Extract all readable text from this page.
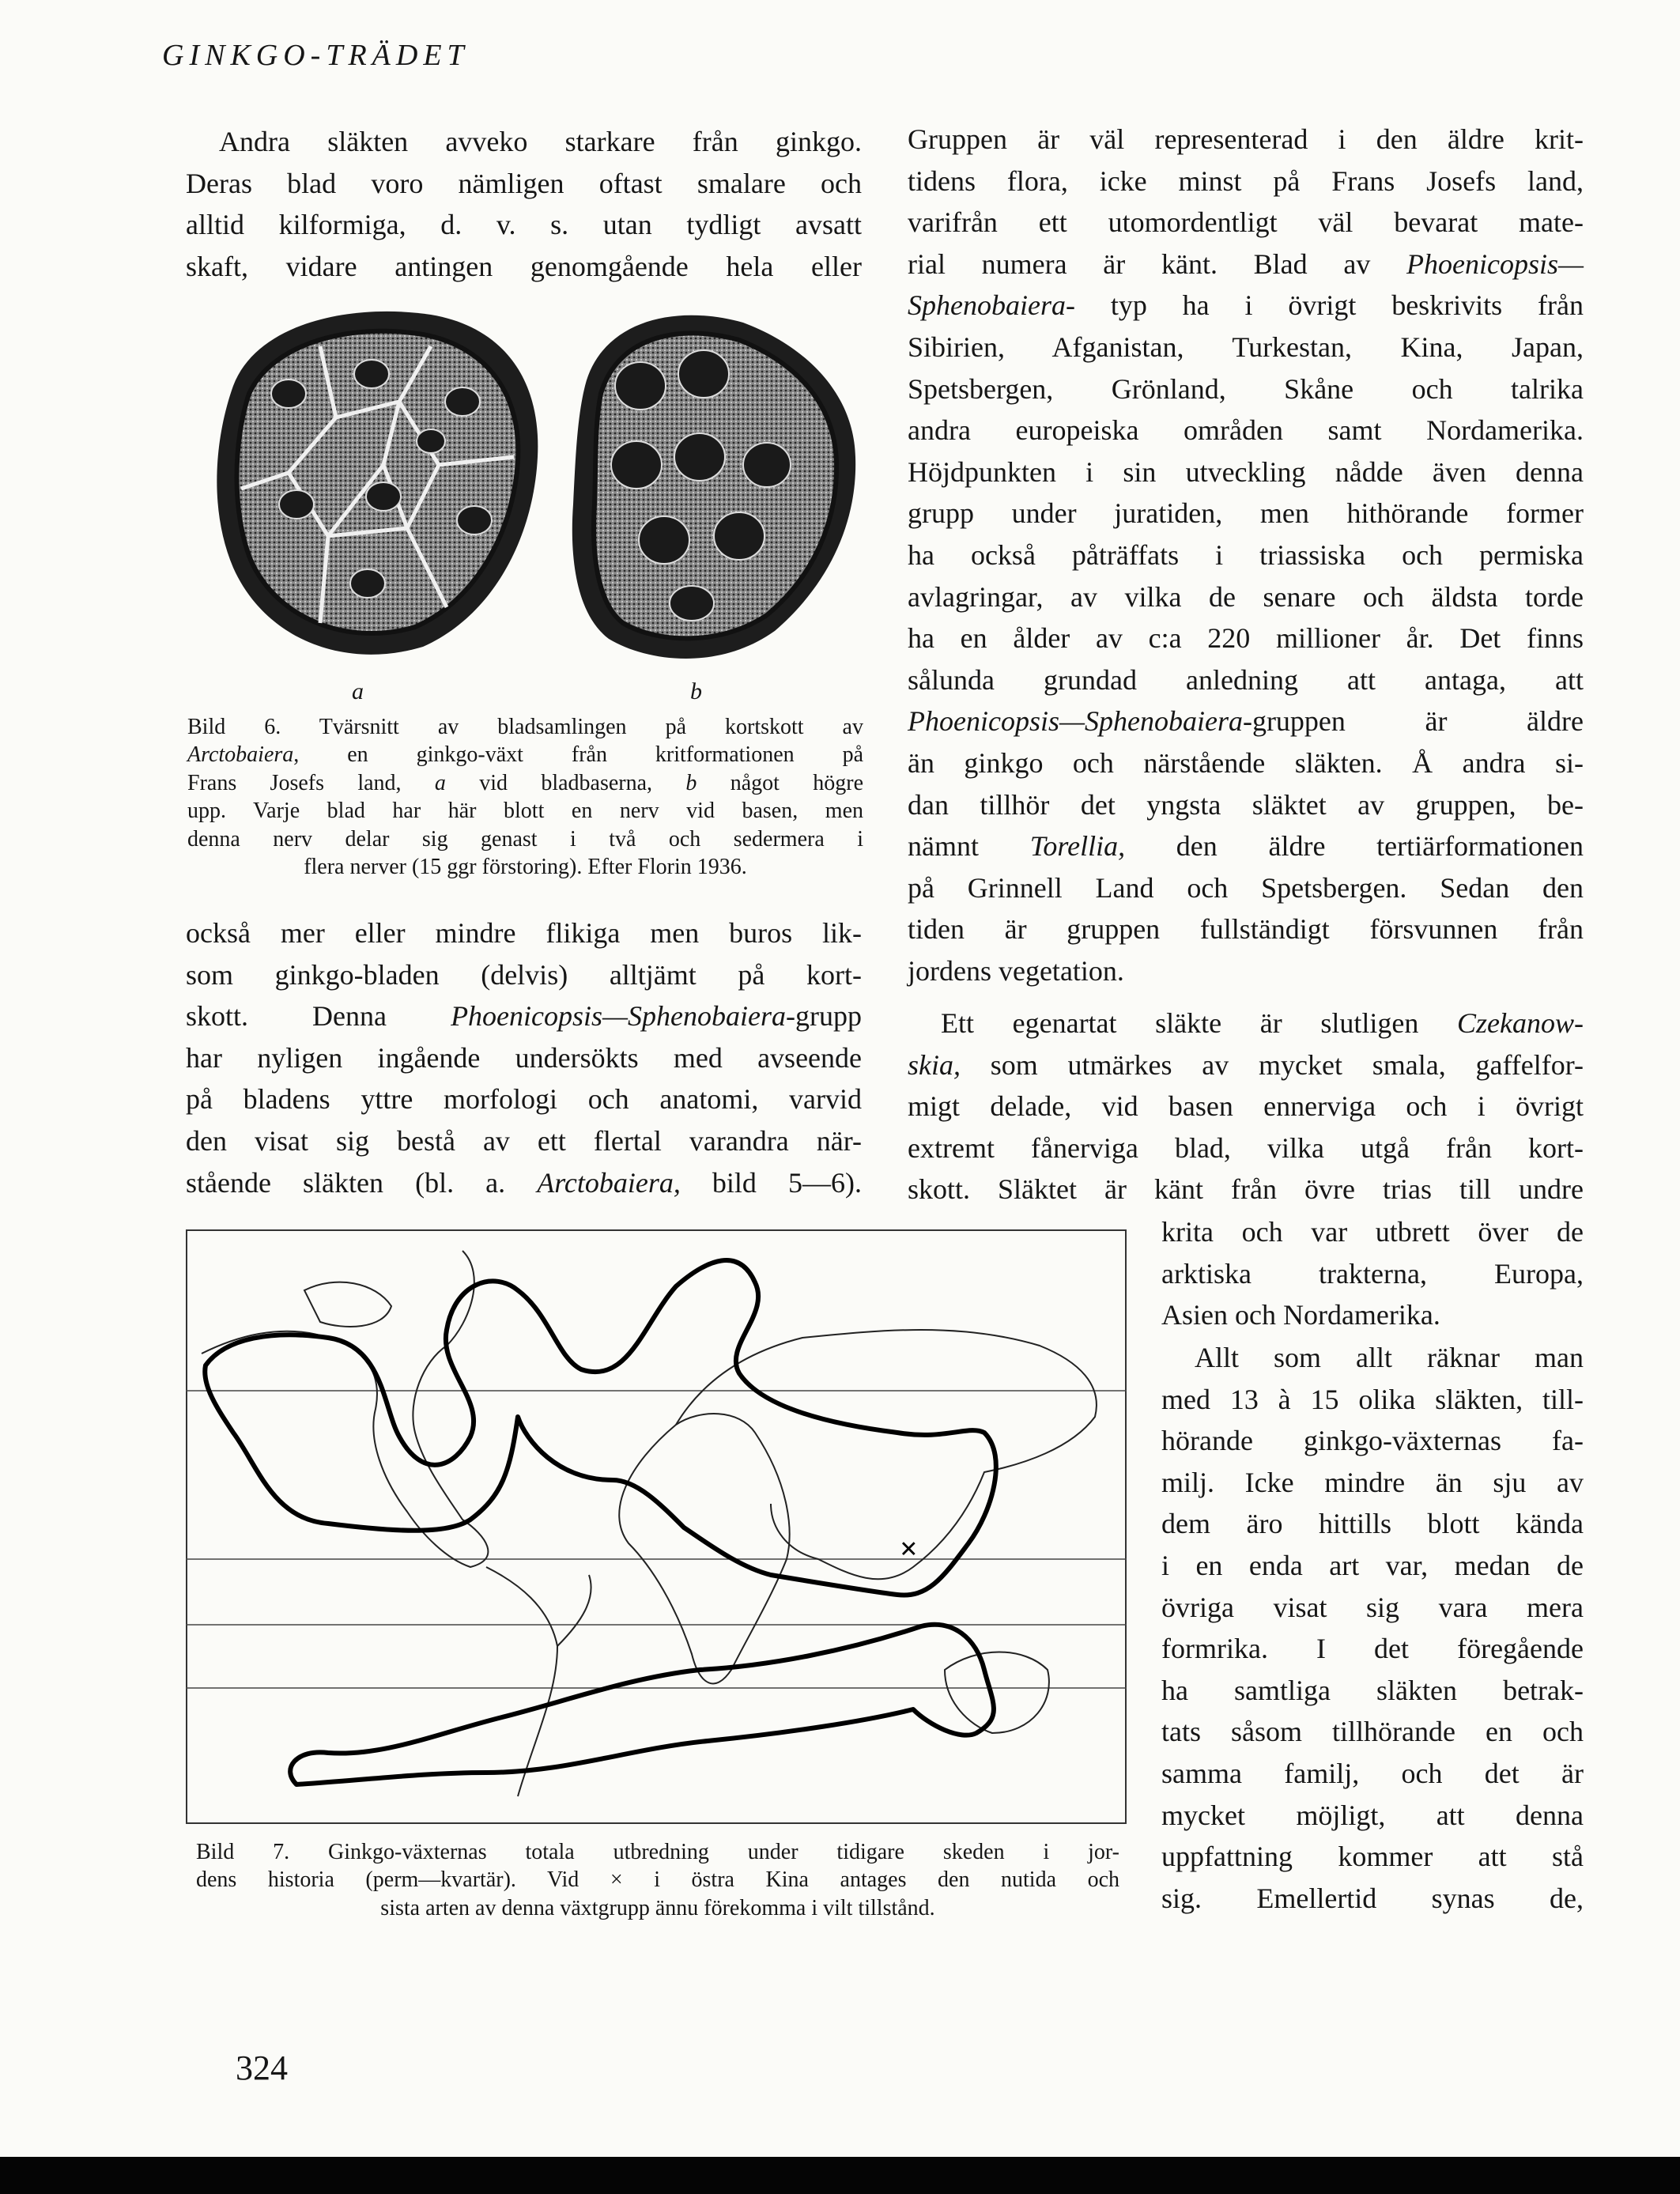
GINKGO-TRÄDET
Andra släkten avveko starkare från ginkgo.
Deras blad voro nämligen oftast smalare och
alltid kilformiga, d. v. s. utan tydligt avsatt
skaft, vidare antingen genomgående hela eller
a	b
Bild 6. Tvärsnitt av bladsamlingen på kortskott av
Arctobaiera, en ginkgo-växt från kritformationen på
Frans Josefs land, a vid bladbaserna, b något högre
upp. Varje blad har här blott en nerv vid basen, men
denna nerv delar sig genast i två och sedermera i
flera nerver (15 ggr förstoring). Efter Florin 1936.
också mer eller mindre flikiga men buros lik-
som ginkgo-bladen (delvis) alltjämt på kort-
skott. Denna Phoenicopsis—Sphenobaiera-grupp
har nyligen ingående undersökts med avseende
på bladens yttre morfologi och anatomi, varvid
den visat sig bestå av ett flertal varandra när-
stående släkten (bl. a. Arctobaiera, bild 5—6).
Gruppen är väl representerad i den äldre krit-
tidens flora, icke minst på Frans Josefs land,
varifrån ett utomordentligt väl bevarat mate-
rial numera är känt. Blad av Phoenicopsis—
Sphenobaiera- typ ha i övrigt beskrivits från
Sibirien, Afganistan, Turkestan, Kina, Japan,
Spetsbergen, Grönland, Skåne och talrika
andra europeiska områden samt Nordamerika.
Höjdpunkten i sin utveckling nådde även denna
grupp under juratiden, men hithörande former
ha också påträffats i triassiska och permiska
avlagringar, av vilka de senare och äldsta torde
ha en ålder av c:a 220 millioner år. Det finns
sålunda grundad anledning att antaga, att
Phoenicopsis—Sphenobaiera-gruppen är äldre
än ginkgo och närstående släkten. Å andra si-
dan tillhör det yngsta släktet av gruppen, be-
nämnt Torellia, den äldre tertiärformationen
på Grinnell Land och Spetsbergen. Sedan den
tiden är gruppen fullständigt försvunnen från
jordens vegetation.
Ett egenartat släkte är slutligen Czekanow-
skia, som utmärkes av mycket smala, gaffelfor-
migt delade, vid basen ennerviga och i övrigt
extremt fånerviga blad, vilka utgå från kort-
skott. Släktet är känt från övre trias till undre
krita och var utbrett över de
arktiska trakterna, Europa,
Asien och Nordamerika.
Allt som allt räknar man
med 13 à 15 olika släkten, till-
hörande ginkgo-växternas fa-
milj. Icke mindre än sju av
dem äro hittills blott kända
i en enda art var, medan de
övriga visat sig vara mera
formrika. I det föregående
ha samtliga släkten betrak-
tats såsom tillhörande en och
samma familj, och det är
mycket möjligt, att denna
uppfattning kommer att stå
sig. Emellertid synas de,
×
Bild 7. Ginkgo-växternas totala utbredning under tidigare skeden i jor-
dens historia (perm—kvartär). Vid × i östra Kina antages den nutida och
sista arten av denna växtgrupp ännu förekomma i vilt tillstånd.
324
